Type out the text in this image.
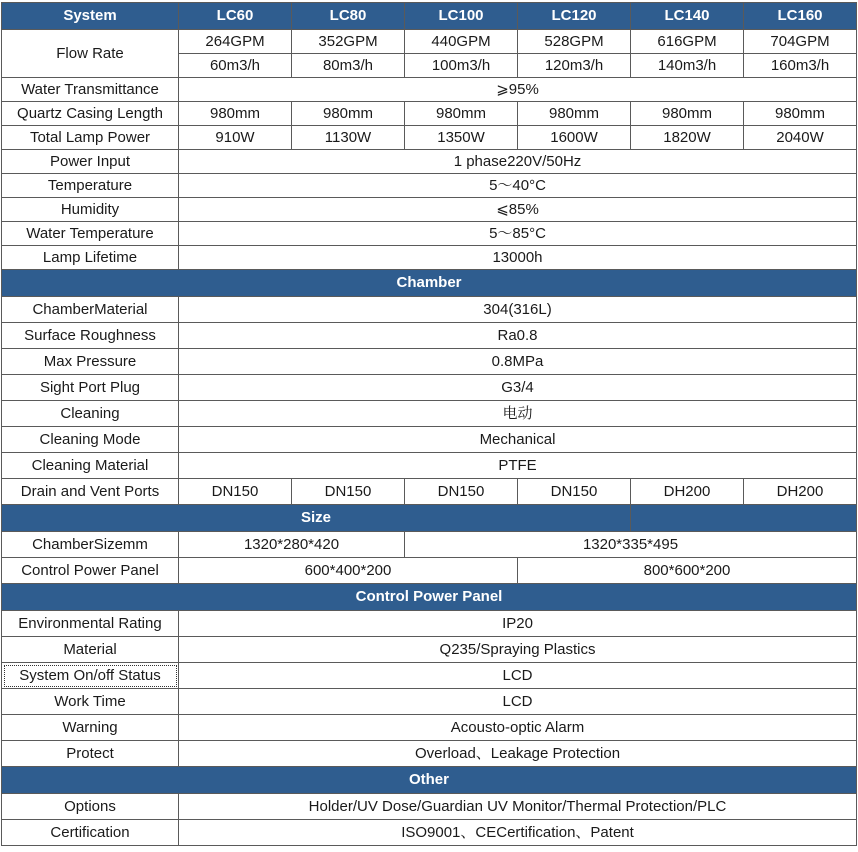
System	LC60	LC80	LC100	LC120	LC140	LC160
Flow Rate	264GPM	352GPM	440GPM	528GPM	616GPM	704GPM
	60m3/h	80m3/h	100m3/h	120m3/h	140m3/h	160m3/h
Water Transmittance	⩾95%					
Quartz Casing Length	980mm	980mm	980mm	980mm	980mm	980mm
Total Lamp Power	910W	1130W	1350W	1600W	1820W	2040W
Power Input	1 phase220V/50Hz					
Temperature	5～40°C					
Humidity	⩽85%					
Water Temperature	5～85°C					
Lamp Lifetime	13000h					
Chamber						
ChamberMaterial	304(316L)					
Surface Roughness	Ra0.8					
Max Pressure	0.8MPa					
Sight Port Plug	G3/4					
Cleaning	电动					
Cleaning Mode	Mechanical					
Cleaning Material	PTFE					
Drain and Vent Ports	DN150	DN150	DN150	DN150	DH200	DH200
Size						
ChamberSizemm	1320*280*420		1320*335*495			
Control Power Panel	600*400*200			800*600*200		
Control Power Panel						
Environmental Rating	IP20					
Material	Q235/Spraying Plastics					
System On/off Status	LCD					
Work Time	LCD					
Warning	Acousto-optic Alarm					
Protect	Overload、Leakage Protection					
Other						
Options	Holder/UV Dose/Guardian UV Monitor/Thermal Protection/PLC					
Certification	ISO9001、CECertification、Patent					
